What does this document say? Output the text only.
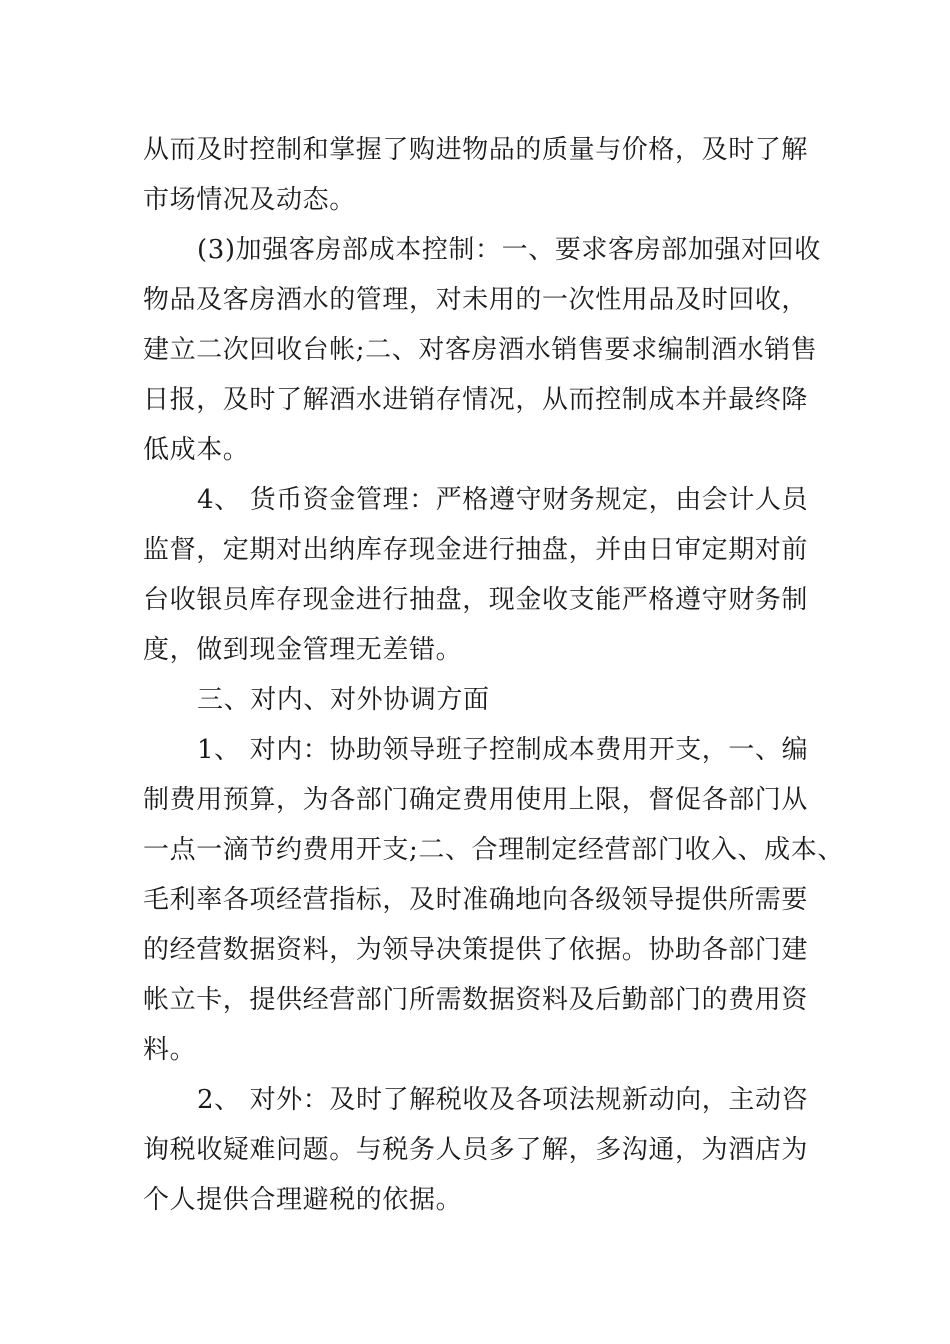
从而及时控制和掌握了购进物品的质量与价格，及时了解
市场情况及动态。
(3)加强客房部成本控制：一、要求客房部加强对回收
物品及客房酒水的管理，对未用的一次性用品及时回收，
建立二次回收台帐;二、对客房酒水销售要求编制酒水销售
日报，及时了解酒水进销存情况，从而控制成本并最终降
低成本。
4、 货币资金管理：严格遵守财务规定，由会计人员
监督，定期对出纳库存现金进行抽盘，并由日审定期对前
台收银员库存现金进行抽盘，现金收支能严格遵守财务制
度，做到现金管理无差错。
三、对内、对外协调方面
1、 对内：协助领导班子控制成本费用开支，一、编
制费用预算，为各部门确定费用使用上限，督促各部门从
一点一滴节约费用开支;二、合理制定经营部门收入、成本、
毛利率各项经营指标，及时准确地向各级领导提供所需要
的经营数据资料，为领导决策提供了依据。协助各部门建
帐立卡，提供经营部门所需数据资料及后勤部门的费用资
料。
2、 对外：及时了解税收及各项法规新动向，主动咨
询税收疑难问题。与税务人员多了解，多沟通，为酒店为
个人提供合理避税的依据。
